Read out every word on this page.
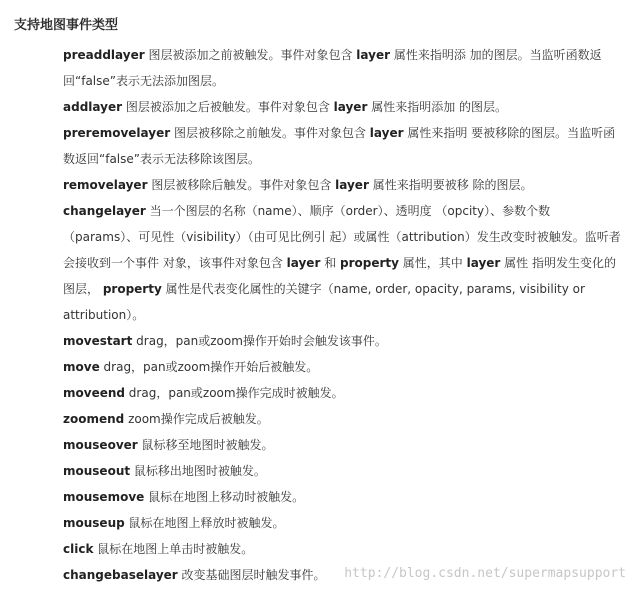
支持地图事件类型
preaddlayer 图层被添加之前被触发。事件对象包含 layer 属性来指明添 加的图层。当监听函数返回“false”表示无法添加图层。
addlayer 图层被添加之后被触发。事件对象包含 layer 属性来指明添加 的图层。
preremovelayer 图层被移除之前触发。事件对象包含 layer 属性来指明 要被移除的图层。当监听函数返回“false”表示无法移除该图层。
removelayer 图层被移除后触发。事件对象包含 layer 属性来指明要被移 除的图层。
changelayer 当一个图层的名称（name）、顺序（order）、透明度 （opcity）、参数个数（params）、可见性（visibility）（由可见比例引 起）或属性（attribution）发生改变时被触发。监听者会接收到一个事件 对象，该事件对象包含 layer 和 property 属性，其中 layer 属性 指明发生变化的图层， property 属性是代表变化属性的关键字（name, order, opacity, params, visibility or attribution）。
movestart drag，pan或zoom操作开始时会触发该事件。
move drag，pan或zoom操作开始后被触发。
moveend drag，pan或zoom操作完成时被触发。
zoomend zoom操作完成后被触发。
mouseover 鼠标移至地图时被触发。
mouseout 鼠标移出地图时被触发。
mousemove 鼠标在地图上移动时被触发。
mouseup 鼠标在地图上释放时被触发。
click 鼠标在地图上单击时被触发。
changebaselayer 改变基础图层时触发事件。	http://blog.csdn.net/supermapsupport
